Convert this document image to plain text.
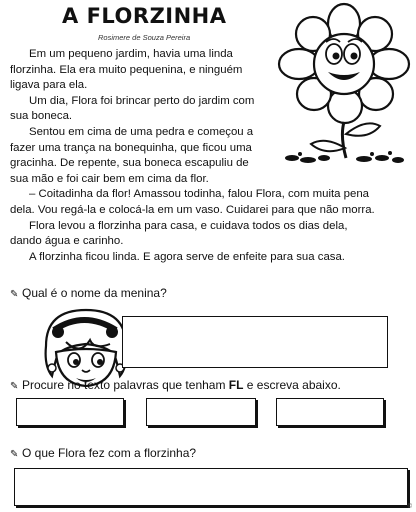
A FLORZINHA
Rosimere de Souza Pereira
Em um pequeno jardim, havia uma linda
florzinha. Ela era muito pequenina, e ninguém
ligava para ela.
Um dia, Flora foi brincar perto do jardim com
sua boneca.
Sentou em cima de uma pedra e começou a
fazer uma trança na bonequinha, que ficou uma
gracinha. De repente, sua boneca escapuliu de
sua mão e foi cair bem em cima da flor.
– Coitadinha da flor! Amassou todinha, falou Flora, com muita pena
dela. Vou regá-la e colocá-la em um vaso. Cuidarei para que não morra.
Flora levou a florzinha para casa, e cuidava todos os dias dela,
dando água e carinho.
A florzinha ficou linda. E agora serve de enfeite para sua casa.
✎ Qual é o nome da menina?
✎ Procure no texto palavras que tenham FL e escreva abaixo.
✎ O que Flora fez com a florzinha?
©
